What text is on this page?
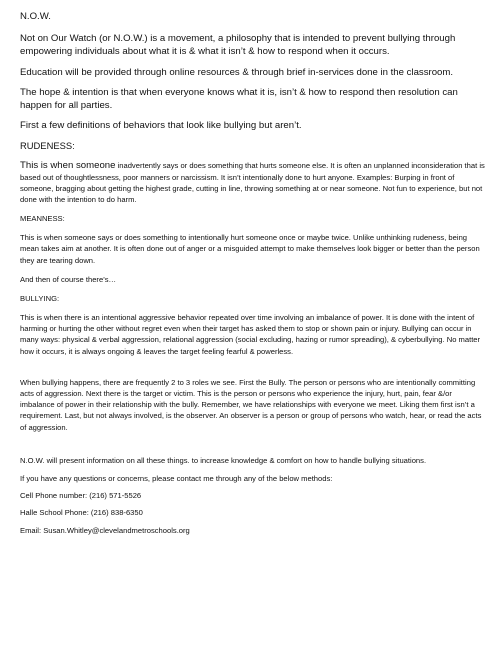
N.O.W.

Not on Our Watch (or N.O.W.) is a movement, a philosophy that is intended to prevent bullying through empowering individuals about what it is & what it isn’t & how to respond when it occurs.

Education will be provided through online resources & through brief in-services done in the classroom.

The hope & intention is that when everyone knows what it is, isn’t & how to respond then resolution can happen for all parties.

First a few definitions of behaviors that look like bullying but aren’t.

RUDENESS:

This is when someone inadvertently says or does something that hurts someone else. It is often an unplanned inconsideration that is based out of thoughtlessness, poor manners or narcissism. It isn’t intentionally done to hurt anyone. Examples: Burping in front of someone, bragging about getting the highest grade, cutting in line, throwing something at or near someone. Not fun to experience, but not done with the intention to do harm.

MEANNESS:

This is when someone says or does something to intentionally hurt someone once or maybe twice. Unlike unthinking rudeness, being mean takes aim at another. It is often done out of anger or a misguided attempt to make themselves look bigger or better than the person they are tearing down.

And then of course there’s…

BULLYING:

This is when there is an intentional aggressive behavior repeated over time involving an imbalance of power. It is done with the intent of harming or hurting the other without regret even when their target has asked them to stop or shown pain or injury. Bullying can occur in many ways: physical & verbal aggression, relational aggression (social excluding, hazing or rumor spreading), & cyberbullying. No matter how it occurs, it is always ongoing & leaves the target feeling fearful & powerless.

When bullying happens, there are frequently 2 to 3 roles we see. First the Bully. The person or persons who are intentionally committing acts of aggression. Next there is the target or victim. This is the person or persons who experience the injury, hurt, pain, fear &/or imbalance of power in their relationship with the bully. Remember, we have relationships with everyone we meet. Liking them first isn’t a requirement. Last, but not always involved, is the observer. An observer is a person or group of persons who watch, hear, or read the acts of aggression.

N.O.W. will present information on all these things. to increase knowledge & comfort on how to handle bullying situations.

If you have any questions or concerns, please contact me through any of the below methods:

Cell Phone number: (216) 571-5526

Halle School Phone: (216) 838-6350

Email: Susan.Whitley@clevelandmetroschools.org
